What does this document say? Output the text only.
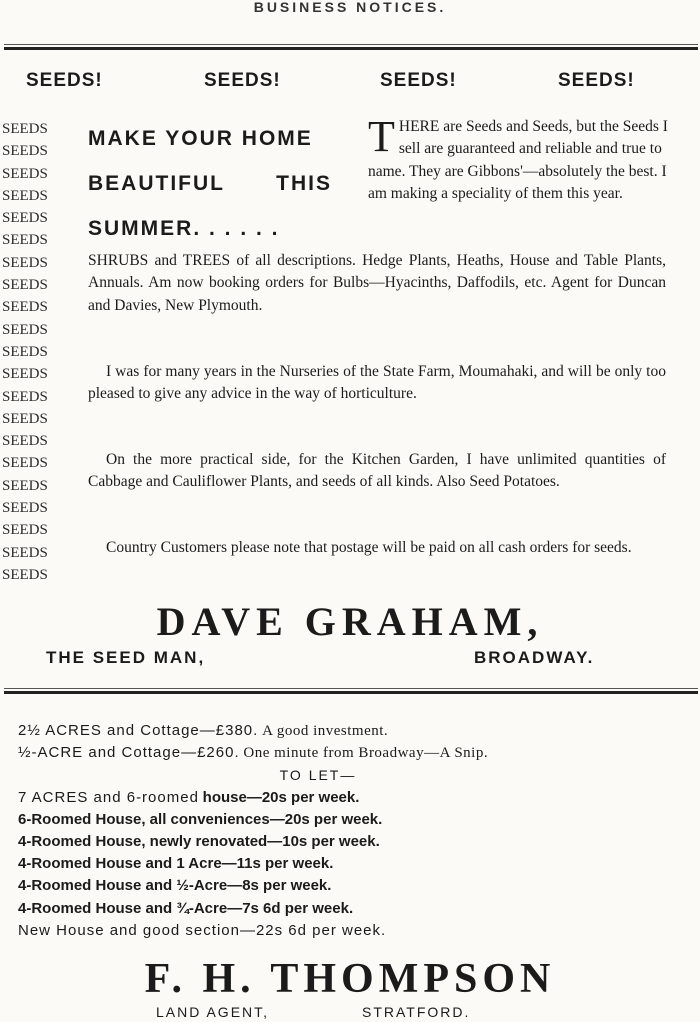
BUSINESS NOTICES.
SEEDS!	SEEDS!	SEEDS!	SEEDS!
SEEDS
SEEDS
SEEDS
SEEDS
SEEDS
SEEDS
SEEDS
SEEDS
SEEDS
SEEDS
SEEDS
SEEDS
SEEDS
SEEDS
SEEDS
SEEDS
SEEDS
SEEDS
SEEDS
SEEDS
SEEDS
MAKE YOUR HOME
BEAUTIFUL THIS
SUMMER. . . . . .
T HERE are Seeds and Seeds, but the Seeds I sell are guaranteed and reliable and true to name. They are Gibbons'—absolutely the best. I am making a speciality of them this year.
SHRUBS and TREES of all descriptions. Hedge Plants, Heaths, House and Table Plants, Annuals. Am now booking orders for Bulbs—Hyacinths, Daffodils, etc. Agent for Duncan and Davies, New Plymouth.
I was for many years in the Nurseries of the State Farm, Moumahaki, and will be only too pleased to give any advice in the way of horticulture.
On the more practical side, for the Kitchen Garden, I have unlimited quantities of Cabbage and Cauliflower Plants, and seeds of all kinds. Also Seed Potatoes.
Country Customers please note that postage will be paid on all cash orders for seeds.
DAVE GRAHAM,
THE SEED MAN,	BROADWAY.
2½ ACRES and Cottage—£380. A good investment.
½-ACRE and Cottage—£260. One minute from Broadway—A Snip.
TO LET—
7 ACRES and 6-roomed house—20s per week.
6-Roomed House, all conveniences—20s per week.
4-Roomed House, newly renovated—10s per week.
4-Roomed House and 1 Acre—11s per week.
4-Roomed House and ½-Acre—8s per week.
4-Roomed House and ¾-Acre—7s 6d per week.
New House and good section—22s 6d per week.
F. H. THOMPSON
LAND AGENT,	STRATFORD.
